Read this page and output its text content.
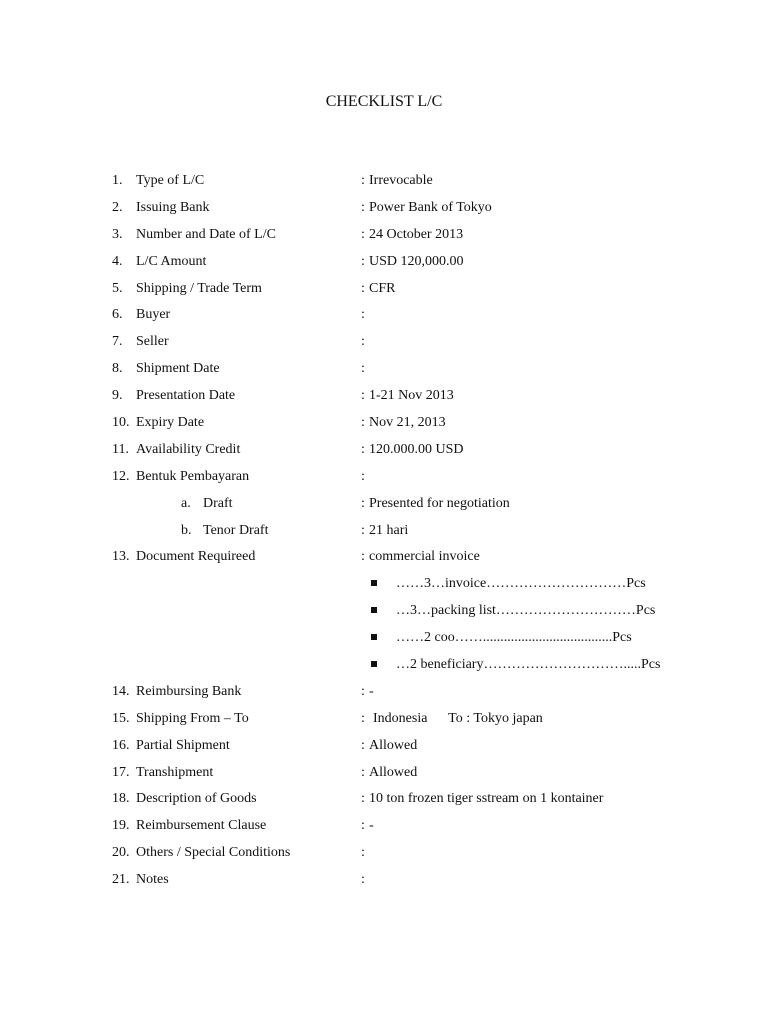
CHECKLIST L/C
1. Type of L/C	: Irrevocable
2. Issuing Bank	: Power Bank of Tokyo
3. Number and Date of L/C	: 24 October 2013
4. L/C Amount	: USD 120,000.00
5. Shipping / Trade Term	: CFR
6. Buyer	:
7. Seller	:
8. Shipment Date	:
9. Presentation Date	: 1-21 Nov 2013
10. Expiry Date	: Nov 21, 2013
11. Availability Credit	: 120.000.00 USD
12. Bentuk Pembayaran	:
a. Draft	: Presented for negotiation
b. Tenor Draft	: 21 hari
13. Document Requireed	: commercial invoice
……3…invoice…………………………Pcs
…3…packing list…………………………Pcs
……2 coo…….....................................Pcs
…2 beneficiary………………………….....Pcs
14. Reimbursing Bank	: -
15. Shipping From – To	: Indonesia      To : Tokyo japan
16. Partial Shipment	: Allowed
17. Transhipment	: Allowed
18. Description of Goods	: 10 ton frozen tiger sstream on 1 kontainer
19. Reimbursement Clause	: -
20. Others / Special Conditions	:
21. Notes	:
